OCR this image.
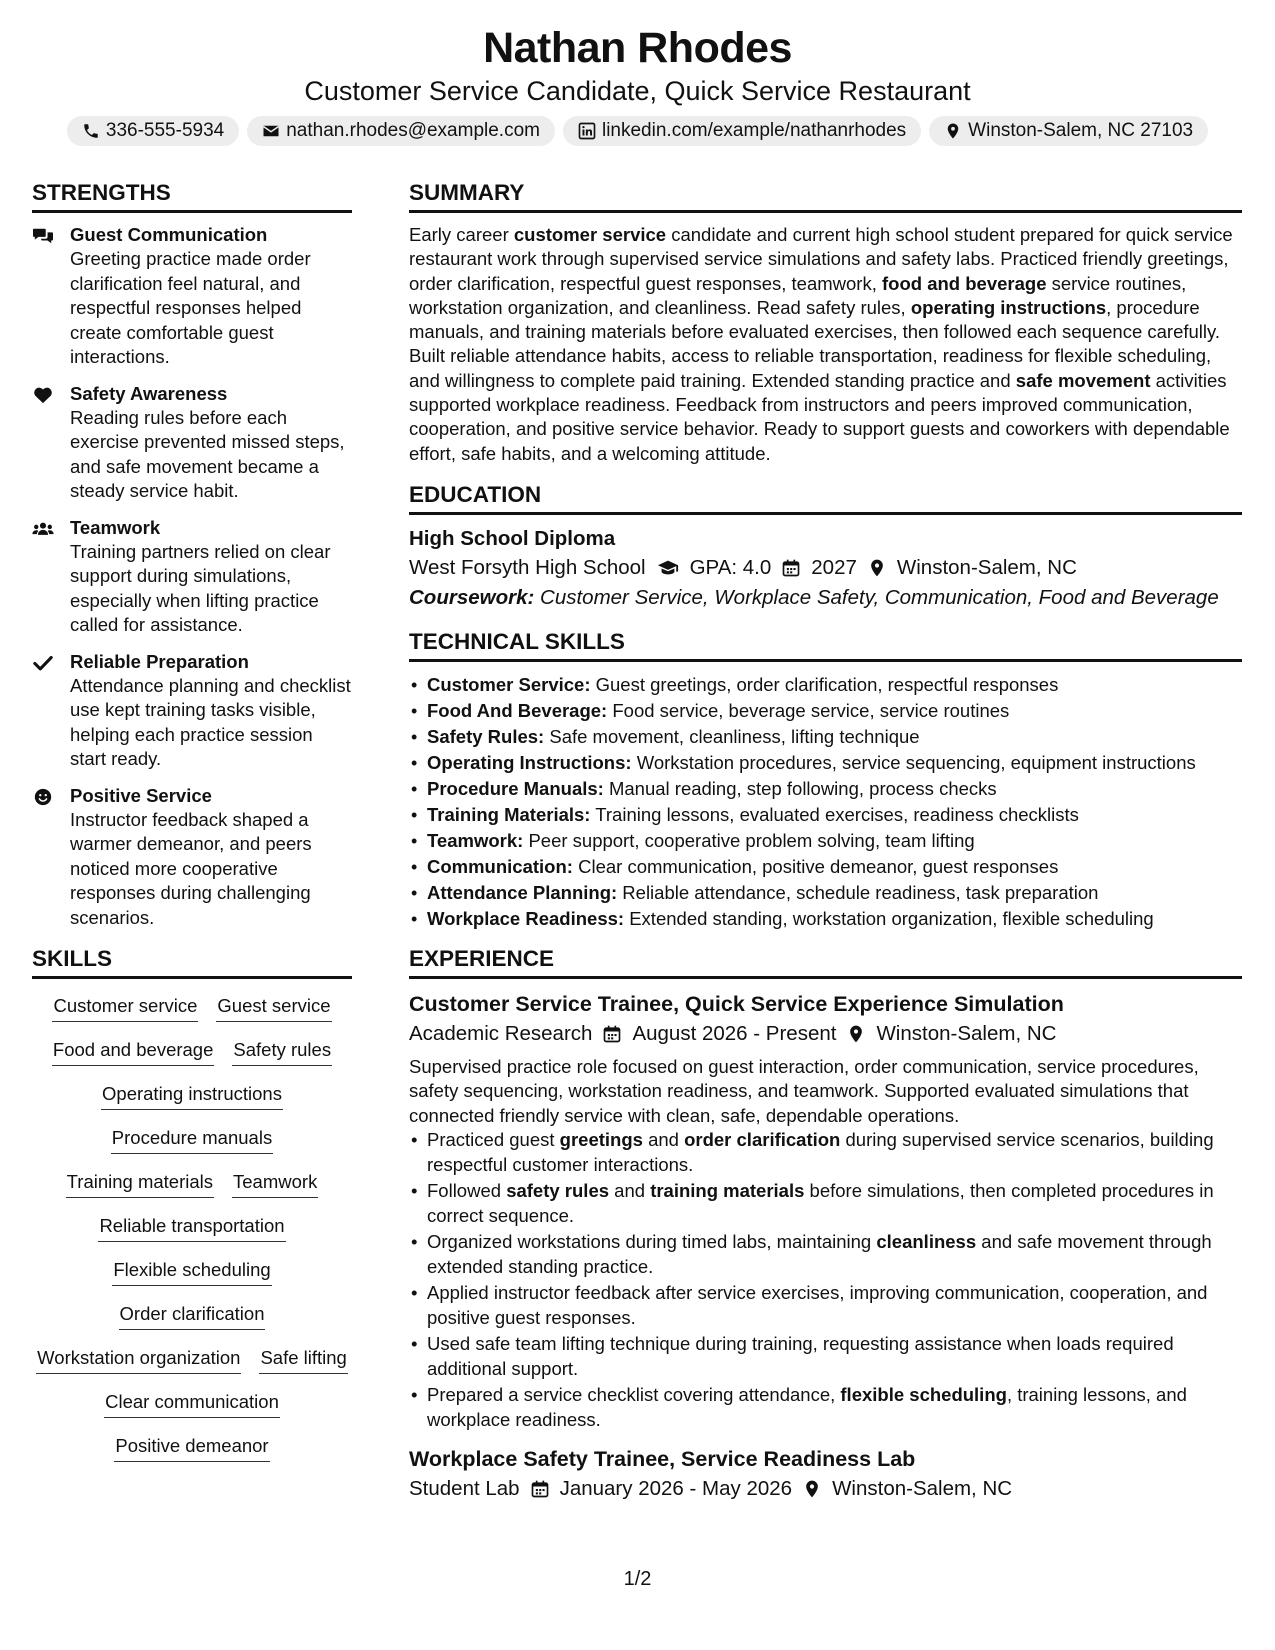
Nathan Rhodes
Customer Service Candidate, Quick Service Restaurant
336-555-5934	nathan.rhodes@example.com	linkedin.com/example/nathanrhodes	Winston-Salem, NC 27103
STRENGTHS
Guest Communication
Greeting practice made order clarification feel natural, and respectful responses helped create comfortable guest interactions.
Safety Awareness
Reading rules before each exercise prevented missed steps, and safe movement became a steady service habit.
Teamwork
Training partners relied on clear support during simulations, especially when lifting practice called for assistance.
Reliable Preparation
Attendance planning and checklist use kept training tasks visible, helping each practice session start ready.
Positive Service
Instructor feedback shaped a warmer demeanor, and peers noticed more cooperative responses during challenging scenarios.
SKILLS
Customer service Guest service
Food and beverage Safety rules
Operating instructions
Procedure manuals
Training materials Teamwork
Reliable transportation
Flexible scheduling
Order clarification
Workstation organization Safe lifting
Clear communication
Positive demeanor
SUMMARY
Early career customer service candidate and current high school student prepared for quick service restaurant work through supervised service simulations and safety labs. Practiced friendly greetings, order clarification, respectful guest responses, teamwork, food and beverage service routines, workstation organization, and cleanliness. Read safety rules, operating instructions, procedure manuals, and training materials before evaluated exercises, then followed each sequence carefully. Built reliable attendance habits, access to reliable transportation, readiness for flexible scheduling, and willingness to complete paid training. Extended standing practice and safe movement activities supported workplace readiness. Feedback from instructors and peers improved communication, cooperation, and positive service behavior. Ready to support guests and coworkers with dependable effort, safe habits, and a welcoming attitude.
EDUCATION
High School Diploma
West Forsyth High School GPA: 4.0 2027 Winston-Salem, NC
Coursework: Customer Service, Workplace Safety, Communication, Food and Beverage
TECHNICAL SKILLS
• Customer Service: Guest greetings, order clarification, respectful responses
• Food And Beverage: Food service, beverage service, service routines
• Safety Rules: Safe movement, cleanliness, lifting technique
• Operating Instructions: Workstation procedures, service sequencing, equipment instructions
• Procedure Manuals: Manual reading, step following, process checks
• Training Materials: Training lessons, evaluated exercises, readiness checklists
• Teamwork: Peer support, cooperative problem solving, team lifting
• Communication: Clear communication, positive demeanor, guest responses
• Attendance Planning: Reliable attendance, schedule readiness, task preparation
• Workplace Readiness: Extended standing, workstation organization, flexible scheduling
EXPERIENCE
Customer Service Trainee, Quick Service Experience Simulation
Academic Research August 2026 - Present Winston-Salem, NC
Supervised practice role focused on guest interaction, order communication, service procedures, safety sequencing, workstation readiness, and teamwork. Supported evaluated simulations that connected friendly service with clean, safe, dependable operations.
• Practiced guest greetings and order clarification during supervised service scenarios, building respectful customer interactions.
• Followed safety rules and training materials before simulations, then completed procedures in correct sequence.
• Organized workstations during timed labs, maintaining cleanliness and safe movement through extended standing practice.
• Applied instructor feedback after service exercises, improving communication, cooperation, and positive guest responses.
• Used safe team lifting technique during training, requesting assistance when loads required additional support.
• Prepared a service checklist covering attendance, flexible scheduling, training lessons, and workplace readiness.
Workplace Safety Trainee, Service Readiness Lab
Student Lab January 2026 - May 2026 Winston-Salem, NC
1/2
